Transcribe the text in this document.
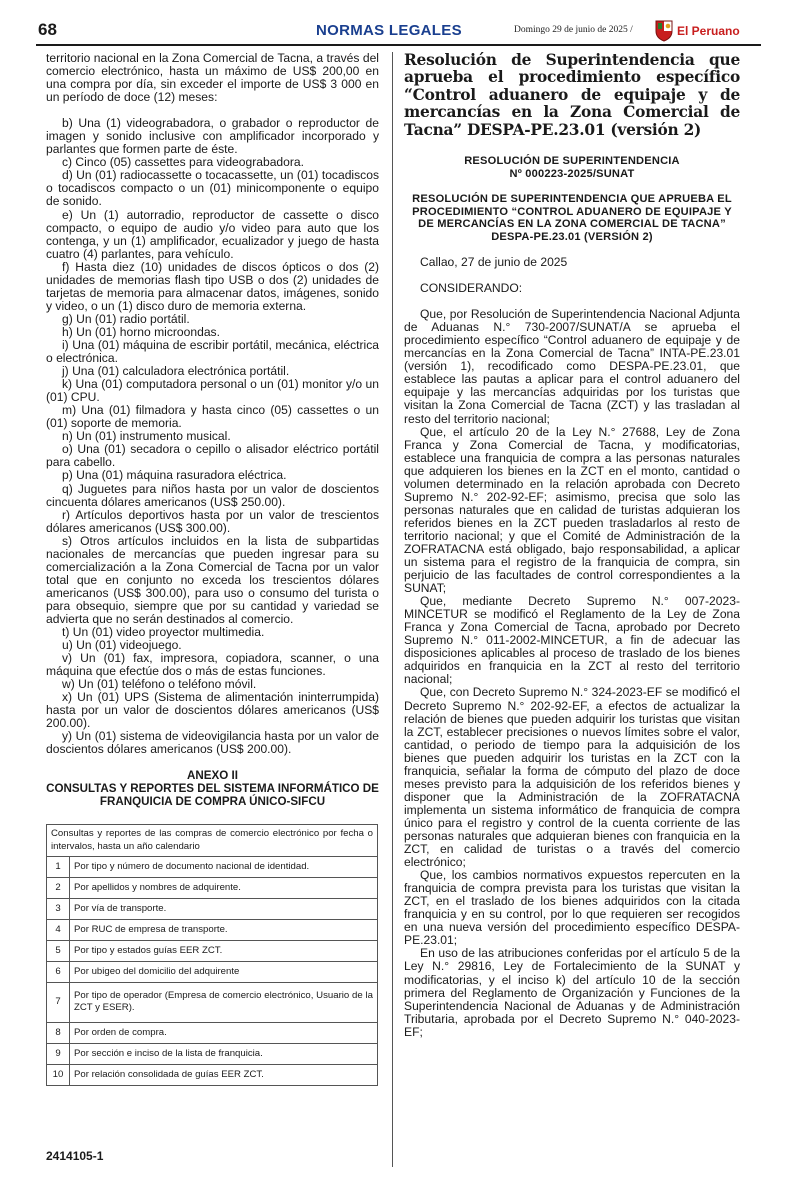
68	NORMAS LEGALES	Domingo 29 de junio de 2025 /	El Peruano

territorio nacional en la Zona Comercial de Tacna, a través del comercio electrónico, hasta un máximo de US$ 200,00 en una compra por día, sin exceder el importe de US$ 3 000 en un período de doce (12) meses:

b) Una (1) videograbadora, o grabador o reproductor de imagen y sonido inclusive con amplificador incorporado y parlantes que formen parte de éste.

c) Cinco (05) cassettes para videograbadora.

d) Un (01) radiocassette o tocacassette, un (01) tocadiscos o tocadiscos compacto o un (01) minicomponente o equipo de sonido.

e) Un (1) autorradio, reproductor de cassette o disco compacto, o equipo de audio y/o video para auto que los contenga, y un (1) amplificador, ecualizador y juego de hasta cuatro (4) parlantes, para vehículo.

f) Hasta diez (10) unidades de discos ópticos o dos (2) unidades de memorias flash tipo USB o dos (2) unidades de tarjetas de memoria para almacenar datos, imágenes, sonido y video, o un (1) disco duro de memoria externa.

g) Un (01) radio portátil.

h) Un (01) horno microondas.

i) Una (01) máquina de escribir portátil, mecánica, eléctrica o electrónica.

j) Una (01) calculadora electrónica portátil.

k) Una (01) computadora personal o un (01) monitor y/o un (01) CPU.

m) Una (01) filmadora y hasta cinco (05) cassettes o un (01) soporte de memoria.

n) Un (01) instrumento musical.

o) Una (01) secadora o cepillo o alisador eléctrico portátil para cabello.

p) Una (01) máquina rasuradora eléctrica.

q) Juguetes para niños hasta por un valor de doscientos cincuenta dólares americanos (US$ 250.00).

r) Artículos deportivos hasta por un valor de trescientos dólares americanos (US$ 300.00).

s) Otros artículos incluidos en la lista de subpartidas nacionales de mercancías que pueden ingresar para su comercialización a la Zona Comercial de Tacna por un valor total que en conjunto no exceda los trescientos dólares americanos (US$ 300.00), para uso o consumo del turista o para obsequio, siempre que por su cantidad y variedad se advierta que no serán destinados al comercio.

t) Un (01) video proyector multimedia.

u) Un (01) videojuego.

v) Un (01) fax, impresora, copiadora, scanner, o una máquina que efectúe dos o más de estas funciones.

w) Un (01) teléfono o teléfono móvil.

x) Un (01) UPS (Sistema de alimentación ininterrumpida) hasta por un valor de doscientos dólares americanos (US$ 200.00).

y) Un (01) sistema de videovigilancia hasta por un valor de doscientos dólares americanos (US$ 200.00).

ANEXO II
CONSULTAS Y REPORTES DEL SISTEMA INFORMÁTICO DE FRANQUICIA DE COMPRA ÚNICO-SIFCU
Consultas y reportes de las compras de comercio electrónico por fecha o intervalos, hasta un año calendario	
1	Por tipo y número de documento nacional de identidad.
2	Por apellidos y nombres de adquirente.
3	Por vía de transporte.
4	Por RUC de empresa de transporte.
5	Por tipo y estados guías EER ZCT.
6	Por ubigeo del domicilio del adquirente
7	Por tipo de operador (Empresa de comercio electrónico, Usuario de la ZCT y ESER).
8	Por orden de compra.
9	Por sección e inciso de la lista de franquicia.
10	Por relación consolidada de guías EER ZCT.
2414105-1

Resolución de Superintendencia que aprueba el procedimiento específico “Control aduanero de equipaje y de mercancías en la Zona Comercial de Tacna” DESPA-PE.23.01 (versión 2)

RESOLUCIÓN DE SUPERINTENDENCIA
Nº 000223-2025/SUNAT
RESOLUCIÓN DE SUPERINTENDENCIA QUE APRUEBA EL PROCEDIMIENTO “CONTROL ADUANERO DE EQUIPAJE Y DE MERCANCÍAS EN LA ZONA COMERCIAL DE TACNA” DESPA-PE.23.01 (VERSIÓN 2)

Callao, 27 de junio de 2025

CONSIDERANDO:

Que, por Resolución de Superintendencia Nacional Adjunta de Aduanas N.° 730-2007/SUNAT/A se aprueba el procedimiento específico “Control aduanero de equipaje y de mercancías en la Zona Comercial de Tacna” INTA-PE.23.01 (versión 1), recodificado como DESPA-PE.23.01, que establece las pautas a aplicar para el control aduanero del equipaje y las mercancías adquiridas por los turistas que visitan la Zona Comercial de Tacna (ZCT) y las trasladan al resto del territorio nacional;

Que, el artículo 20 de la Ley N.° 27688, Ley de Zona Franca y Zona Comercial de Tacna, y modificatorias, establece una franquicia de compra a las personas naturales que adquieren los bienes en la ZCT en el monto, cantidad o volumen determinado en la relación aprobada con Decreto Supremo N.° 202-92-EF; asimismo, precisa que solo las personas naturales que en calidad de turistas adquieran los referidos bienes en la ZCT pueden trasladarlos al resto de territorio nacional; y que el Comité de Administración de la ZOFRATACNA está obligado, bajo responsabilidad, a aplicar un sistema para el registro de la franquicia de compra, sin perjuicio de las facultades de control correspondientes a la SUNAT;

Que, mediante Decreto Supremo N.° 007-2023-MINCETUR se modificó el Reglamento de la Ley de Zona Franca y Zona Comercial de Tacna, aprobado por Decreto Supremo N.° 011-2002-MINCETUR, a fin de adecuar las disposiciones aplicables al proceso de traslado de los bienes adquiridos en franquicia en la ZCT al resto del territorio nacional;

Que, con Decreto Supremo N.° 324-2023-EF se modificó el Decreto Supremo N.° 202-92-EF, a efectos de actualizar la relación de bienes que pueden adquirir los turistas que visitan la ZCT, establecer precisiones o nuevos límites sobre el valor, cantidad, o periodo de tiempo para la adquisición de los bienes que pueden adquirir los turistas en la ZCT con la franquicia, señalar la forma de cómputo del plazo de doce meses previsto para la adquisición de los referidos bienes y disponer que la Administración de la ZOFRATACNA implementa un sistema informático de franquicia de compra único para el registro y control de la cuenta corriente de las personas naturales que adquieran bienes con franquicia en la ZCT, en calidad de turistas o a través del comercio electrónico;

Que, los cambios normativos expuestos repercuten en la franquicia de compra prevista para los turistas que visitan la ZCT, en el traslado de los bienes adquiridos con la citada franquicia y en su control, por lo que requieren ser recogidos en una nueva versión del procedimiento específico DESPA-PE.23.01;

En uso de las atribuciones conferidas por el artículo 5 de la Ley N.° 29816, Ley de Fortalecimiento de la SUNAT y modificatorias, y el inciso k) del artículo 10 de la sección primera del Reglamento de Organización y Funciones de la Superintendencia Nacional de Aduanas y de Administración Tributaria, aprobada por el Decreto Supremo N.° 040-2023-EF;
